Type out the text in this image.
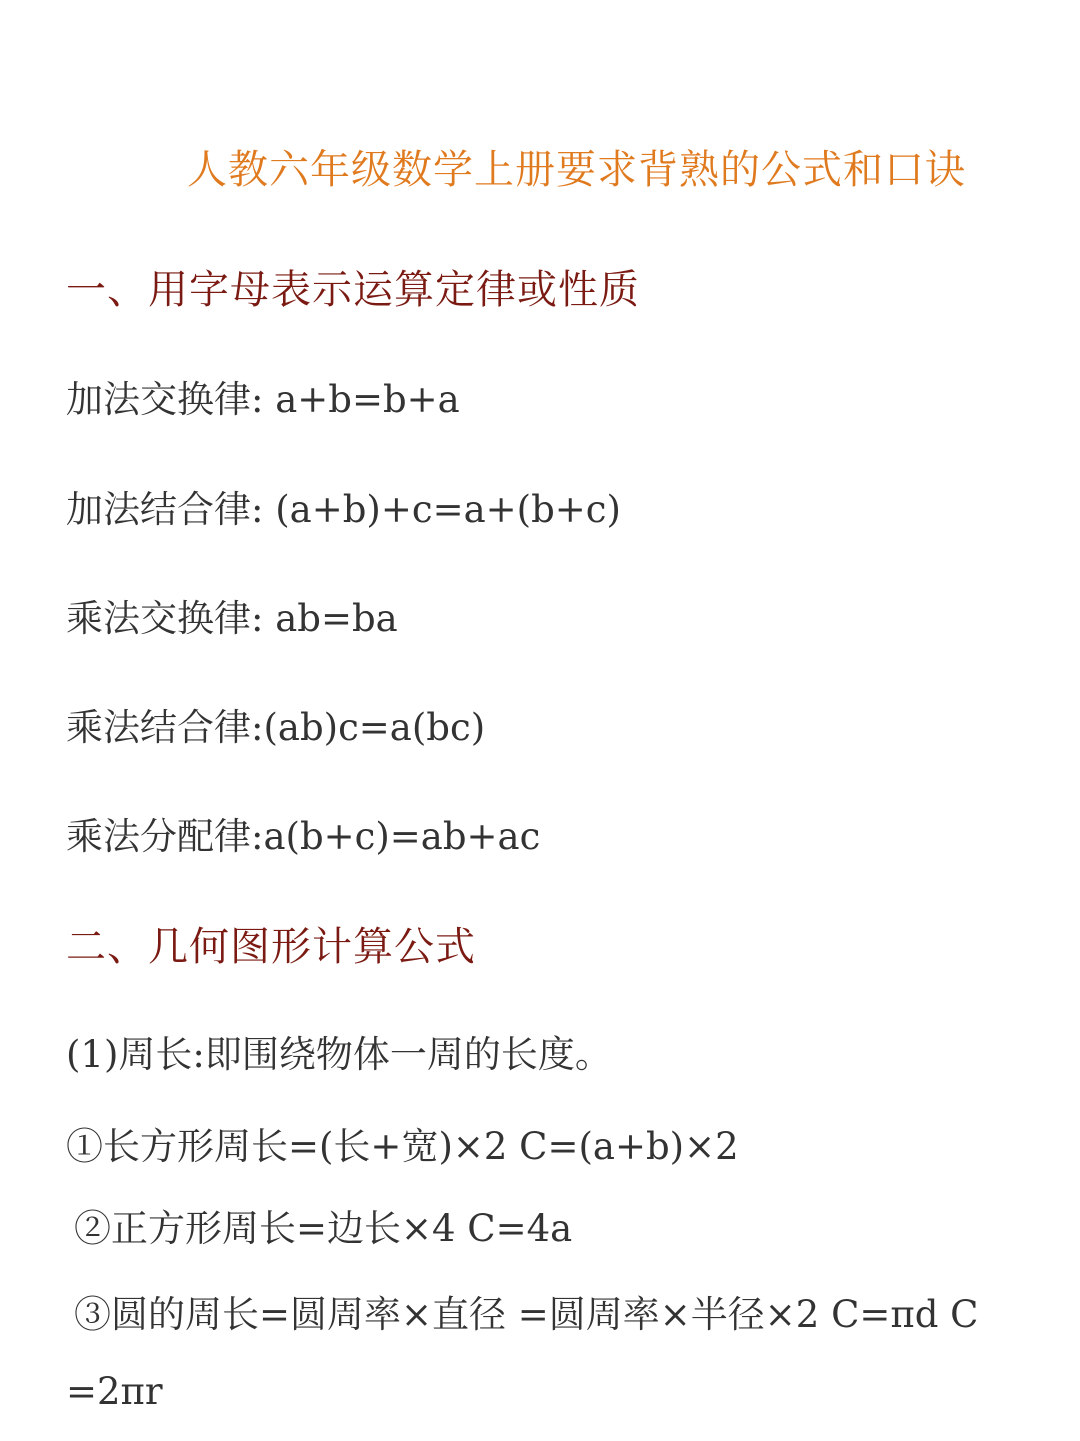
人教六年级数学上册要求背熟的公式和口诀
一、用字母表示运算定律或性质
加法交换律: a+b=b+a
加法结合律: (a+b)+c=a+(b+c)
乘法交换律: ab=ba
乘法结合律:(ab)c=a(bc)
乘法分配律:a(b+c)=ab+ac
二、几何图形计算公式
(1)周长:即围绕物体一周的长度。
①长方形周长=(长+宽)×2 C=(a+b)×2
②正方形周长=边长×4 C=4a
③圆的周长=圆周率×直径 =圆周率×半径×2 C=πd C
=2πr
